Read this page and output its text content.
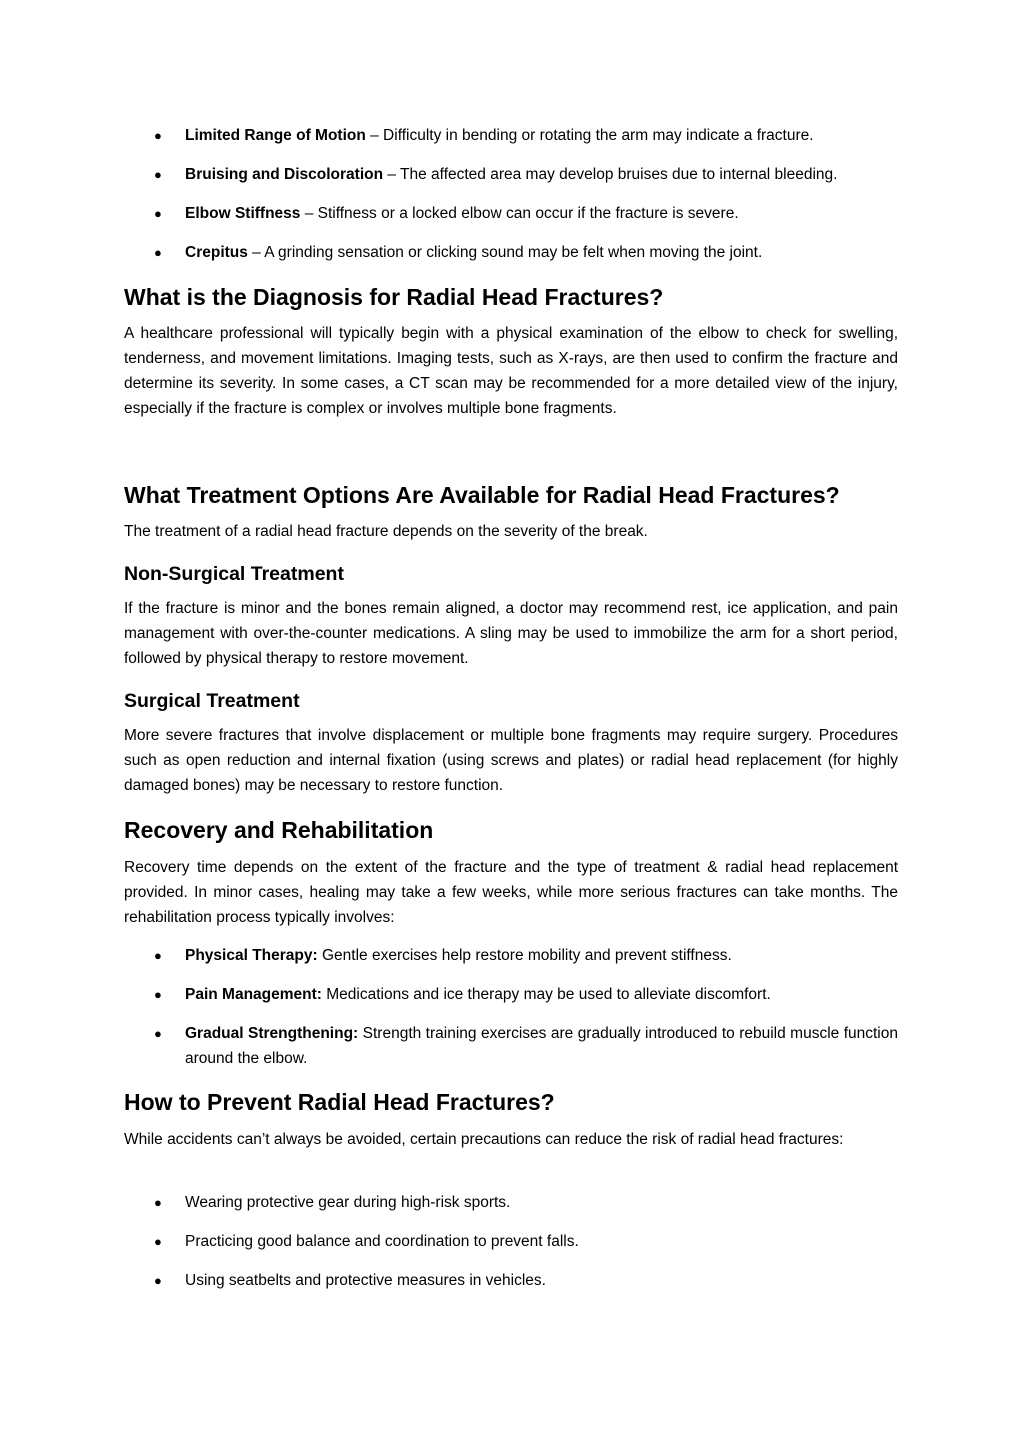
● Limited Range of Motion – Difficulty in bending or rotating the arm may indicate a fracture.
● Bruising and Discoloration – The affected area may develop bruises due to internal bleeding.
● Elbow Stiffness – Stiffness or a locked elbow can occur if the fracture is severe.
● Crepitus – A grinding sensation or clicking sound may be felt when moving the joint.
What is the Diagnosis for Radial Head Fractures?

A healthcare professional will typically begin with a physical examination of the elbow to check for swelling, tenderness, and movement limitations. Imaging tests, such as X-rays, are then used to confirm the fracture and determine its severity. In some cases, a CT scan may be recommended for a more detailed view of the injury, especially if the fracture is complex or involves multiple bone fragments.

What Treatment Options Are Available for Radial Head Fractures?

The treatment of a radial head fracture depends on the severity of the break.

Non-Surgical Treatment

If the fracture is minor and the bones remain aligned, a doctor may recommend rest, ice application, and pain management with over-the-counter medications. A sling may be used to immobilize the arm for a short period, followed by physical therapy to restore movement.

Surgical Treatment

More severe fractures that involve displacement or multiple bone fragments may require surgery. Procedures such as open reduction and internal fixation (using screws and plates) or radial head replacement (for highly damaged bones) may be necessary to restore function.

Recovery and Rehabilitation

Recovery time depends on the extent of the fracture and the type of treatment & radial head replacement provided. In minor cases, healing may take a few weeks, while more serious fractures can take months. The rehabilitation process typically involves:

● Physical Therapy: Gentle exercises help restore mobility and prevent stiffness.
● Pain Management: Medications and ice therapy may be used to alleviate discomfort.
● Gradual Strengthening: Strength training exercises are gradually introduced to rebuild muscle function around the elbow.
How to Prevent Radial Head Fractures?

While accidents can’t always be avoided, certain precautions can reduce the risk of radial head fractures:

● Wearing protective gear during high-risk sports.
● Practicing good balance and coordination to prevent falls.
● Using seatbelts and protective measures in vehicles.
